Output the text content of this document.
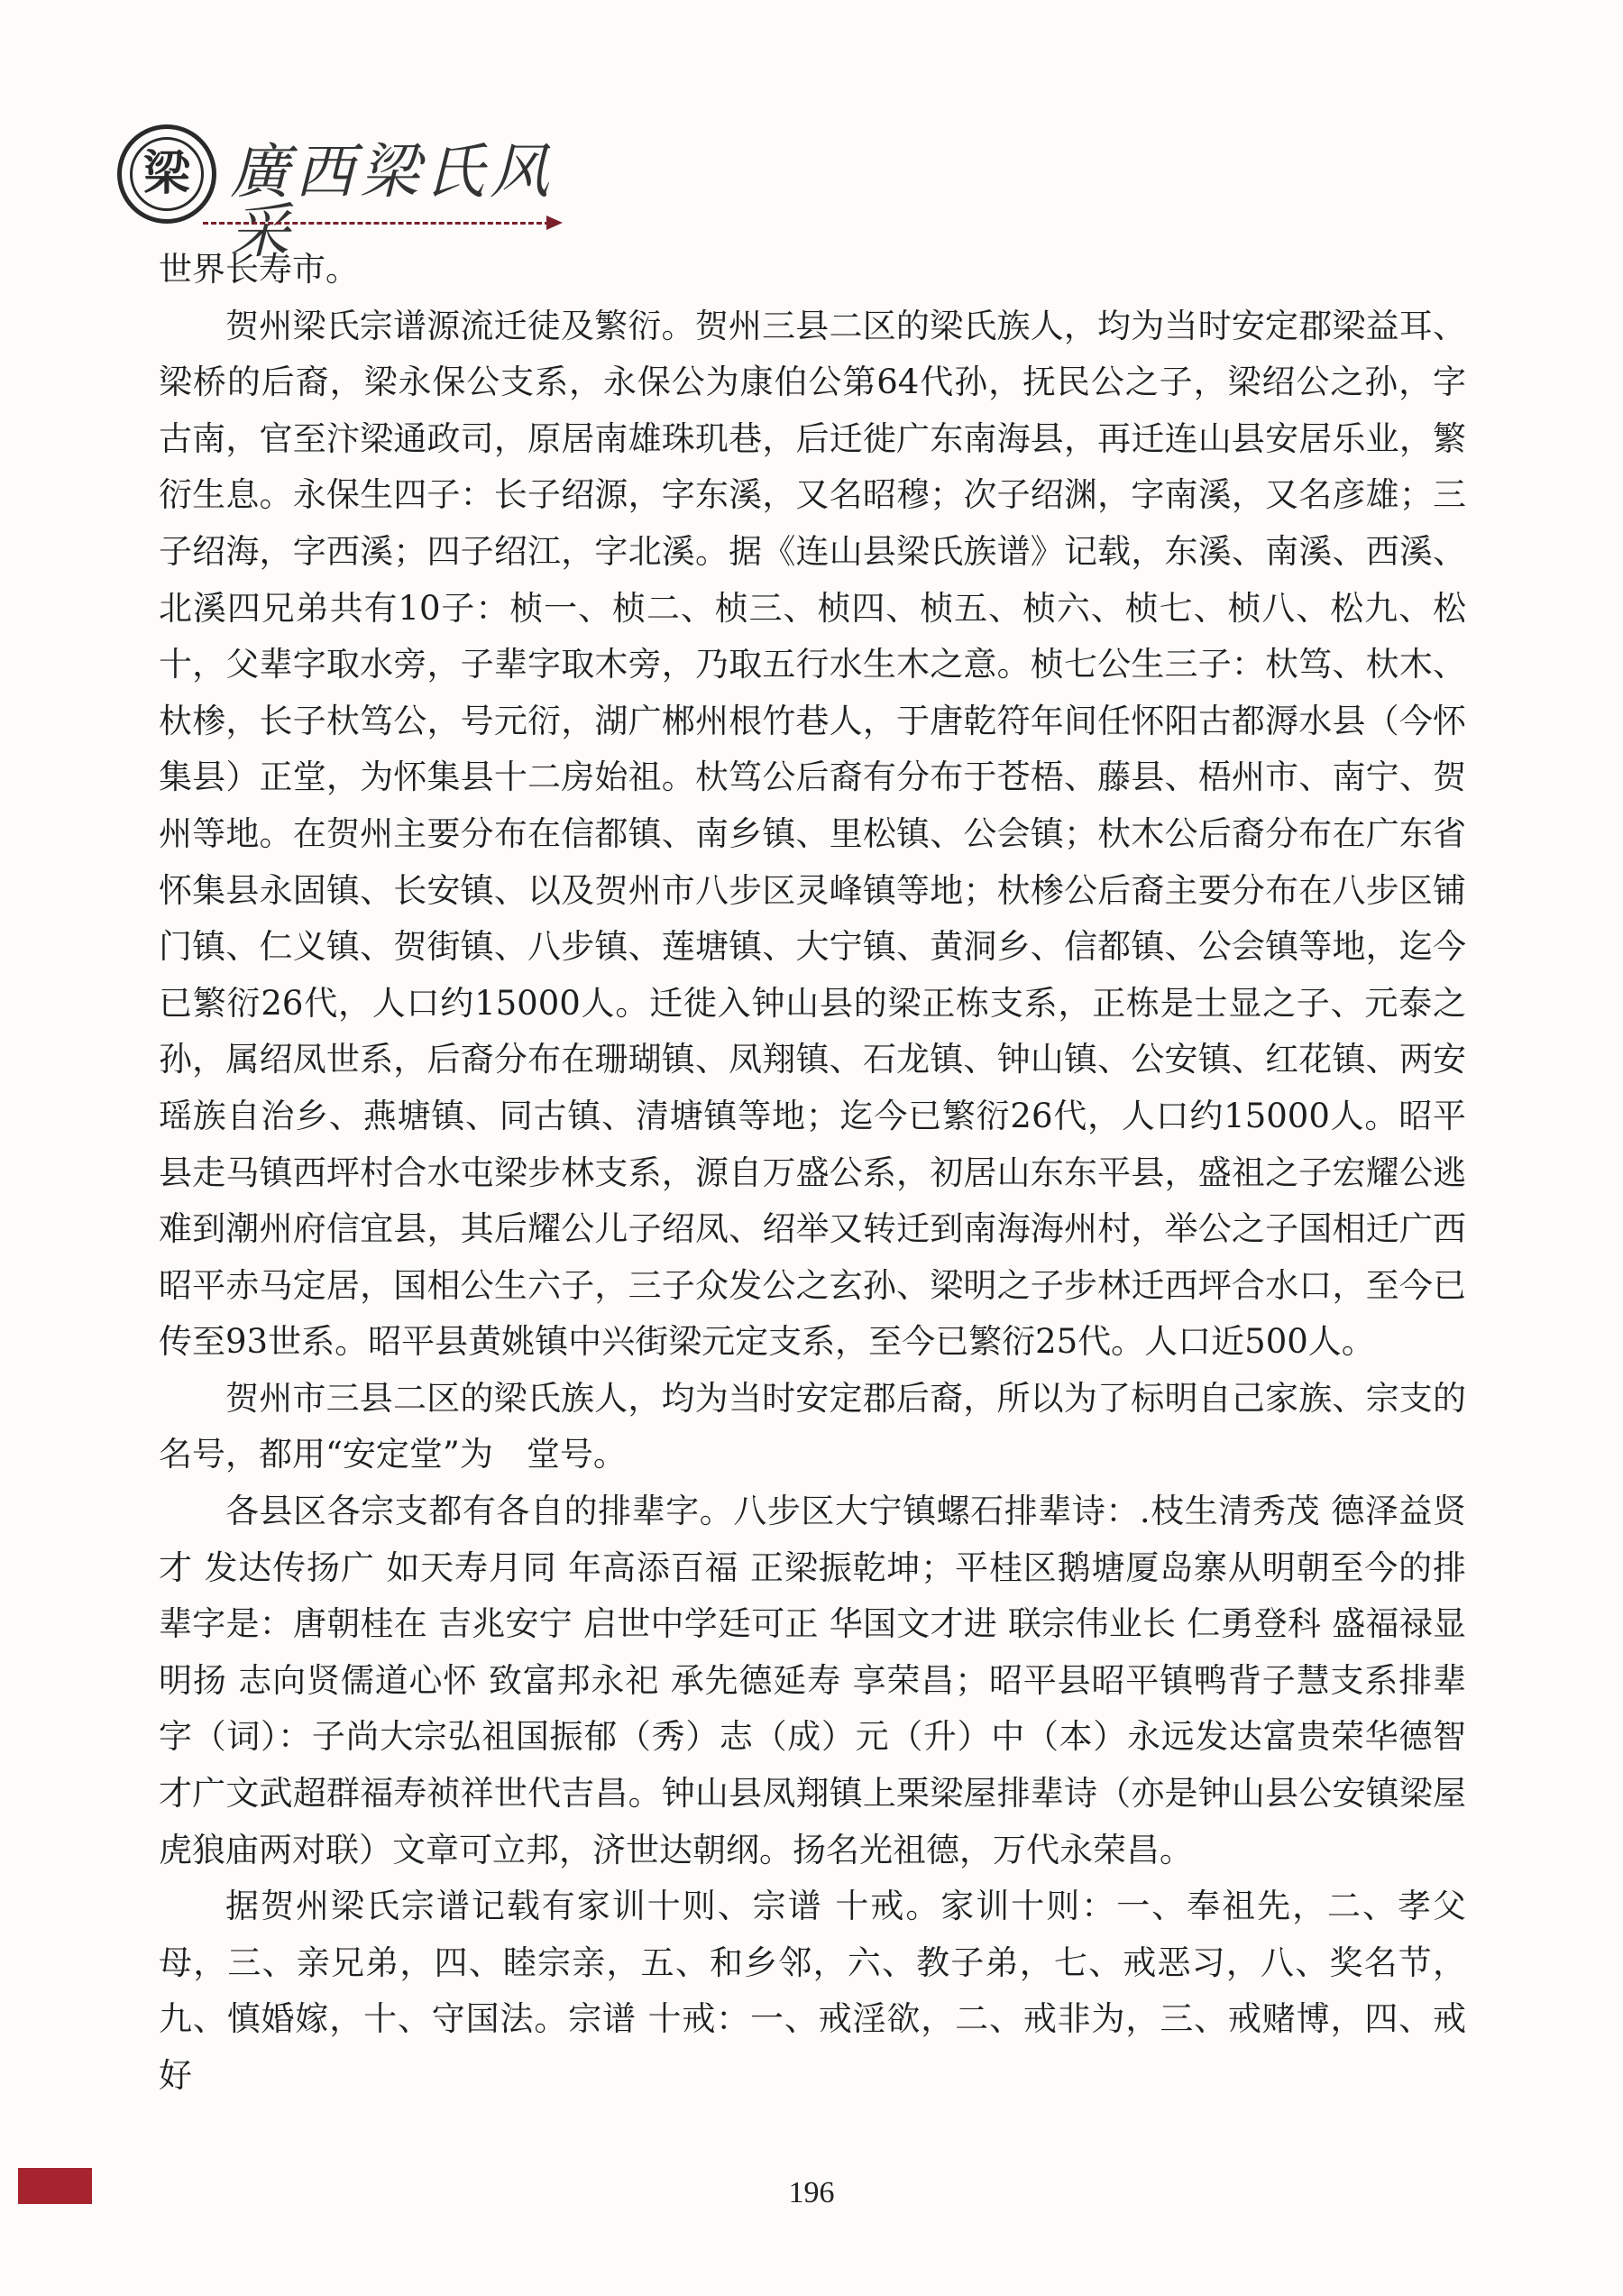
梁 廣西梁氏风采

世界长寿市。

贺州梁氏宗谱源流迁徒及繁衍。贺州三县二区的梁氏族人，均为当时安定郡梁益耳、梁桥的后裔，梁永保公支系，永保公为康伯公第64代孙，抚民公之子，梁绍公之孙，字古南，官至汴梁通政司，原居南雄珠玑巷，后迁徙广东南海县，再迁连山县安居乐业，繁衍生息。永保生四子：长子绍源，字东溪，又名昭穆；次子绍渊，字南溪，又名彦雄；三子绍海，字西溪；四子绍江，字北溪。据《连山县梁氏族谱》记载，东溪、南溪、西溪、北溪四兄弟共有10子：桢一、桢二、桢三、桢四、桢五、桢六、桢七、桢八、松九、松十，父辈字取水旁，子辈字取木旁，乃取五行水生木之意。桢七公生三子：杕笃、杕木、杕椮，长子杕笃公，号元衍，湖广郴州根竹巷人，于唐乾符年间任怀阳古都溽水县（今怀集县）正堂，为怀集县十二房始祖。杕笃公后裔有分布于苍梧、藤县、梧州市、南宁、贺州等地。在贺州主要分布在信都镇、南乡镇、里松镇、公会镇；杕木公后裔分布在广东省怀集县永固镇、长安镇、以及贺州市八步区灵峰镇等地；杕椮公后裔主要分布在八步区铺门镇、仁义镇、贺街镇、八步镇、莲塘镇、大宁镇、黄洞乡、信都镇、公会镇等地，迄今已繁衍26代，人口约15000人。迁徙入钟山县的梁正栋支系，正栋是士显之子、元泰之孙，属绍凤世系，后裔分布在珊瑚镇、凤翔镇、石龙镇、钟山镇、公安镇、红花镇、两安瑶族自治乡、燕塘镇、同古镇、清塘镇等地；迄今已繁衍26代，人口约15000人。昭平县走马镇西坪村合水屯梁步林支系，源自万盛公系，初居山东东平县，盛祖之子宏耀公逃难到潮州府信宜县，其后耀公儿子绍凤、绍举又转迁到南海海州村，举公之子国相迁广西昭平赤马定居，国相公生六子，三子众发公之玄孙、梁明之子步林迁西坪合水口，至今已传至93世系。昭平县黄姚镇中兴街梁元定支系，至今已繁衍25代。人口近500人。

贺州市三县二区的梁氏族人，均为当时安定郡后裔，所以为了标明自己家族、宗支的名号，都用“安定堂”为　堂号。

各县区各宗支都有各自的排辈字。八步区大宁镇螺石排辈诗：.枝生清秀茂 德泽益贤才 发达传扬广 如天寿月同 年高添百福 正梁振乾坤；平桂区鹅塘厦岛寨从明朝至今的排辈字是：唐朝桂在 吉兆安宁 启世中学廷可正 华国文才进 联宗伟业长 仁勇登科 盛福禄显明扬 志向贤儒道心怀 致富邦永祀 承先德延寿 享荣昌；昭平县昭平镇鸭背子慧支系排辈字（词）：子尚大宗弘祖国振郁（秀）志（成）元（升）中（本）永远发达富贵荣华德智才广文武超群福寿祯祥世代吉昌。钟山县凤翔镇上栗梁屋排辈诗（亦是钟山县公安镇梁屋虎狼庙两对联）文章可立邦，济世达朝纲。扬名光祖德，万代永荣昌。

据贺州梁氏宗谱记载有家训十则、宗谱 十戒。家训十则：一、奉祖先，二、孝父母，三、亲兄弟，四、睦宗亲，五、和乡邻，六、教子弟，七、戒恶习，八、奖名节，九、慎婚嫁，十、守国法。宗谱 十戒：一、戒淫欲，二、戒非为，三、戒赌博，四、戒好

196
